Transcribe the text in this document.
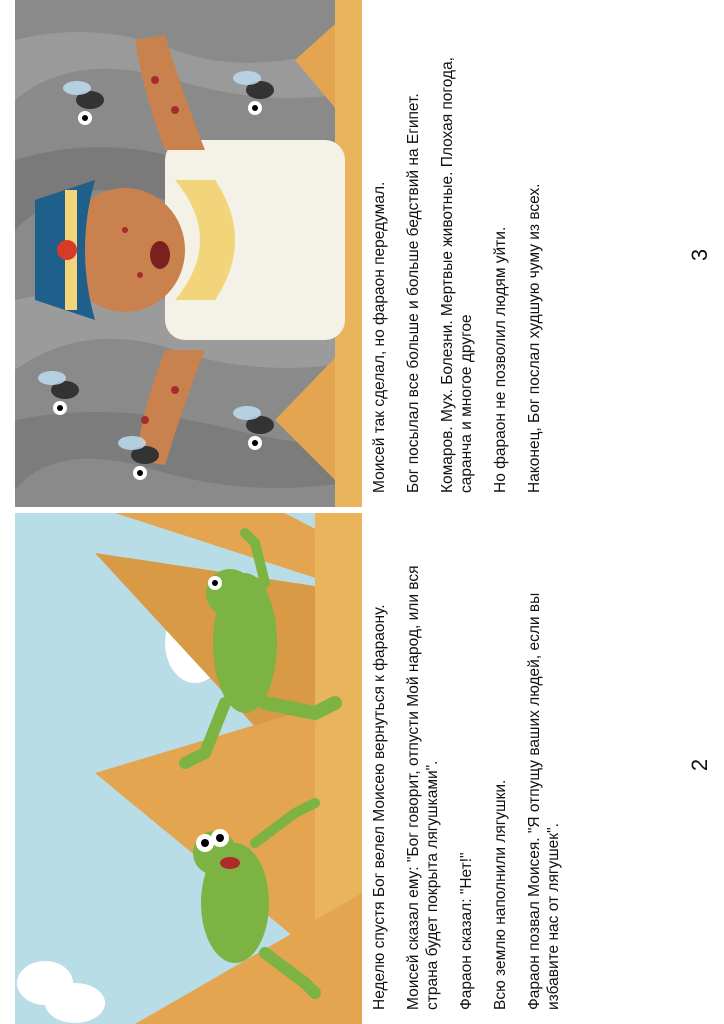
Моисей так сделал, но фараон передумал. Бог посылал все больше и больше бедствий на Египет. Комаров. Мух. Болезни. Мертвые животные. Плохая погода, саранча и многое другое Но фараон не позволил людям уйти. Наконец, Бог послал худшую чуму из всех.	3

Неделю спустя Бог велел Моисею вернуться к фараону. Моисей сказал ему: "Бог говорит, отпусти Мой народ, или вся страна будет покрыта лягушками". Фараон сказал: "Нет!" Всю землю наполнили лягушки. Фараон позвал Моисея. "Я отпущу ваших людей, если вы избавите нас от лягушек".

2
